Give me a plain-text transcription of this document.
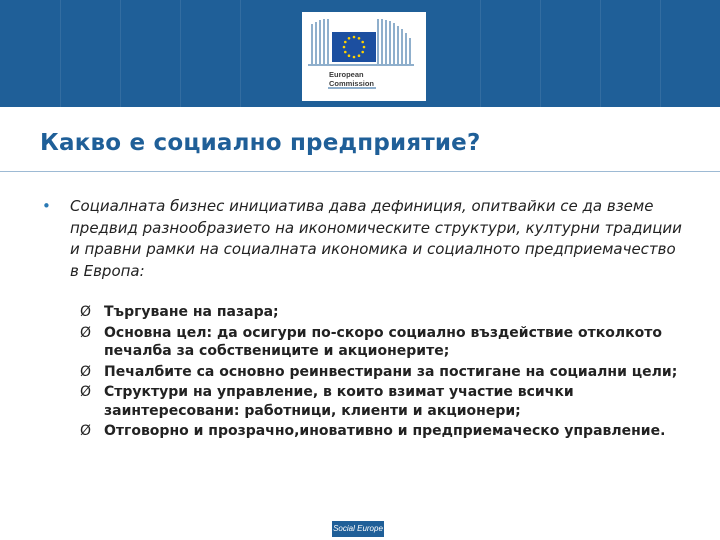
European
Commission
Какво е социално предприятие?
•	Социалната бизнес инициатива дава дефиниция, опитвайки се да вземе предвид разнообразието на икономическите структури, културни традиции и правни рамки на социалната икономика и социалното предприемачество в Европа:
Ø Търгуване на пазара;
Ø Основна цел: да осигури по-скоро социално въздействие отколкото печалба за собствениците и акционерите;
Ø Печалбите са основно реинвестирани за постигане на социални цели;
Ø Структури на управление, в които взимат участие всички заинтересовани: работници, клиенти и акционери;
Ø Отговорно и прозрачно,иновативно и предприемаческо управление.
Social Europe
